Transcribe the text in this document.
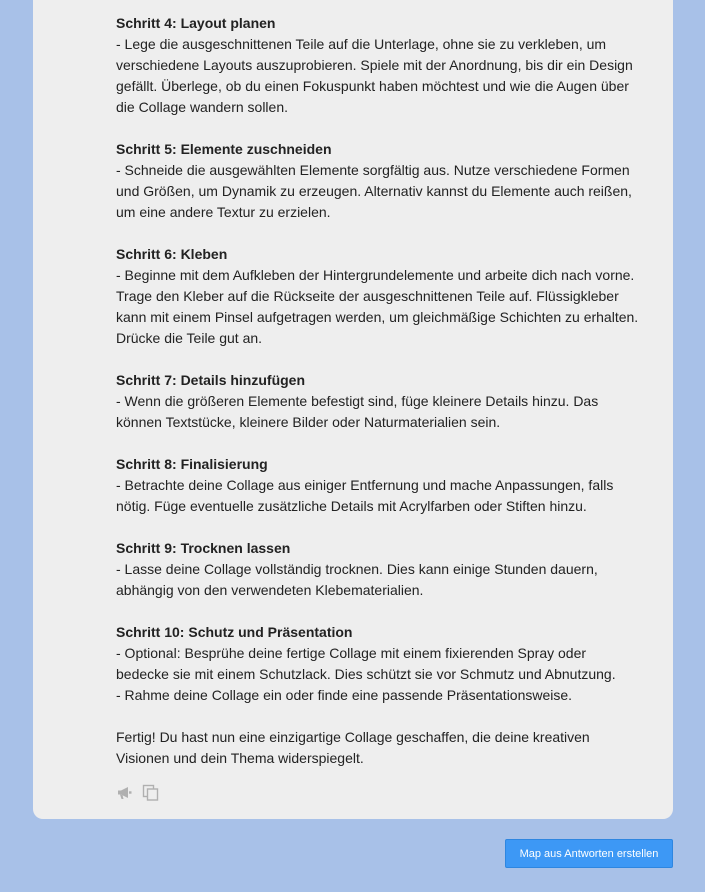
Schritt 4: Layout planen
- Lege die ausgeschnittenen Teile auf die Unterlage, ohne sie zu verkleben, um verschiedene Layouts auszuprobieren. Spiele mit der Anordnung, bis dir ein Design gefällt. Überlege, ob du einen Fokuspunkt haben möchtest und wie die Augen über die Collage wandern sollen.
Schritt 5: Elemente zuschneiden
- Schneide die ausgewählten Elemente sorgfältig aus. Nutze verschiedene Formen und Größen, um Dynamik zu erzeugen. Alternativ kannst du Elemente auch reißen, um eine andere Textur zu erzielen.
Schritt 6: Kleben
- Beginne mit dem Aufkleben der Hintergrundelemente und arbeite dich nach vorne. Trage den Kleber auf die Rückseite der ausgeschnittenen Teile auf. Flüssigkleber kann mit einem Pinsel aufgetragen werden, um gleichmäßige Schichten zu erhalten. Drücke die Teile gut an.
Schritt 7: Details hinzufügen
- Wenn die größeren Elemente befestigt sind, füge kleinere Details hinzu. Das können Textstücke, kleinere Bilder oder Naturmaterialien sein.
Schritt 8: Finalisierung
- Betrachte deine Collage aus einiger Entfernung und mache Anpassungen, falls nötig. Füge eventuelle zusätzliche Details mit Acrylfarben oder Stiften hinzu.
Schritt 9: Trocknen lassen
- Lasse deine Collage vollständig trocknen. Dies kann einige Stunden dauern, abhängig von den verwendeten Klebematerialien.
Schritt 10: Schutz und Präsentation
- Optional: Besprühe deine fertige Collage mit einem fixierenden Spray oder bedecke sie mit einem Schutzlack. Dies schützt sie vor Schmutz und Abnutzung.
- Rahme deine Collage ein oder finde eine passende Präsentationsweise.

Fertig! Du hast nun eine einzigartige Collage geschaffen, die deine kreativen Visionen und dein Thema widerspiegelt.

Map aus Antworten erstellen
